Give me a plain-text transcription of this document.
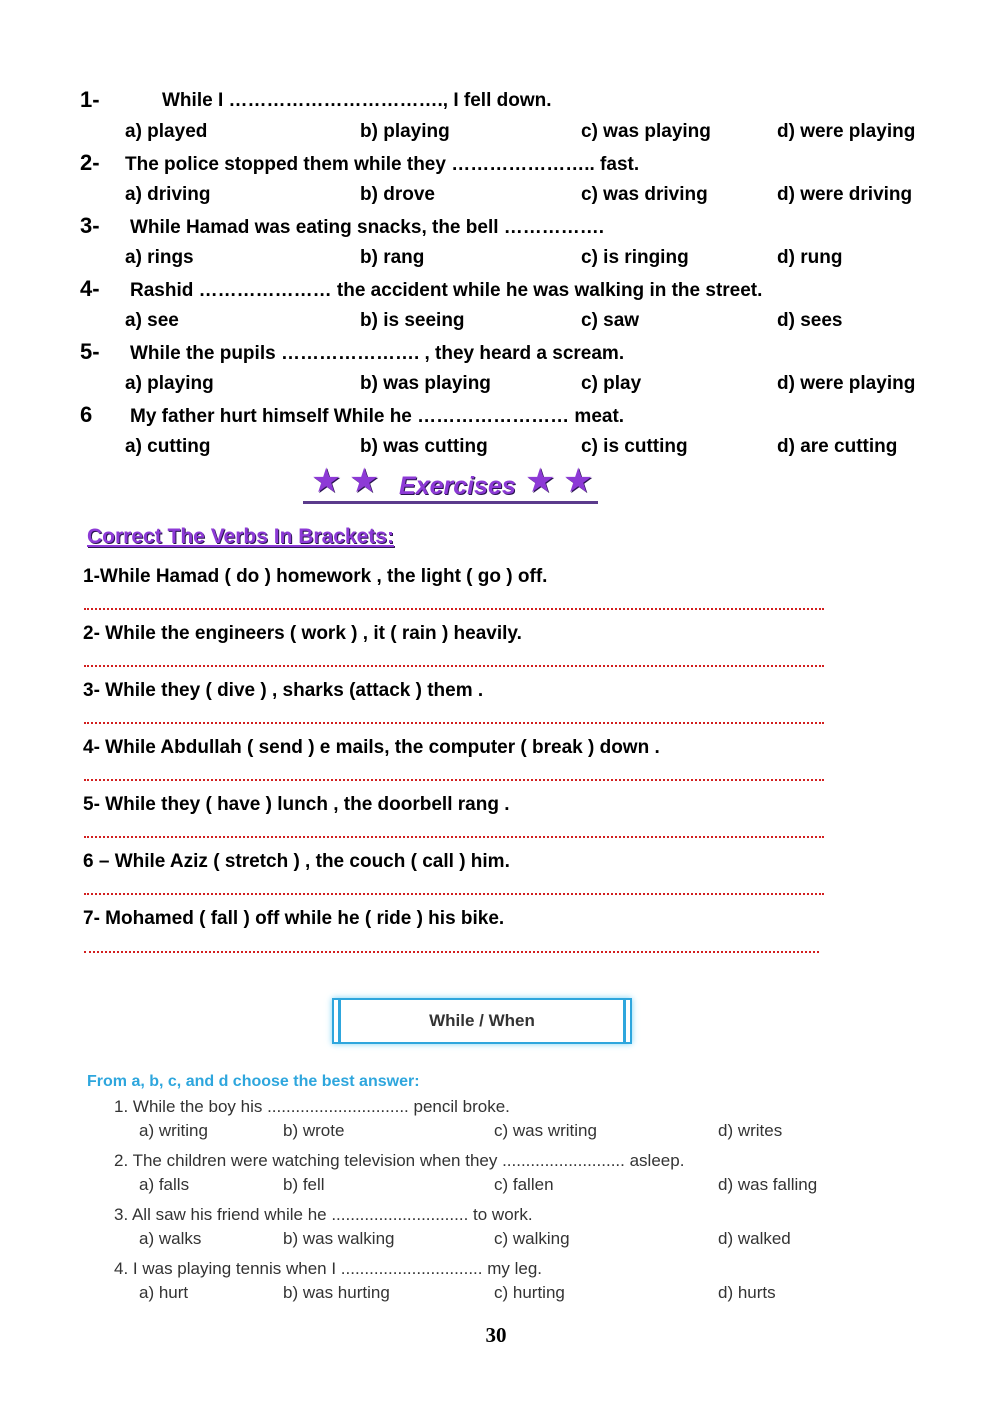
1-	While I ……………………………., I fell down.
a) played	b) playing	c) was playing	d) were playing
2- The police stopped them while they ………………….. fast.
a) driving	b) drove	c) was driving	d) were driving
3- While Hamad was eating snacks, the bell …………….
a) rings	b) rang	c) is ringing	d) rung
4- Rashid ………………… the accident while he was walking in the street.
a) see	b) is seeing	c) saw	d) sees
5- While the pupils …………………. , they heard a scream.
a) playing	b) was playing	c) play	d) were playing
6 My father hurt himself While he …………………… meat.
a) cutting	b) was cutting	c) is cutting	d) are cutting
★ ★ Exercises ★ ★
Correct The Verbs In Brackets:
1-While Hamad ( do ) homework , the light ( go ) off.
2- While the engineers ( work ) , it ( rain ) heavily.
3- While they ( dive ) , sharks (attack ) them .
4- While Abdullah ( send ) e mails, the computer ( break ) down .
5- While they ( have ) lunch , the doorbell rang .
6 – While Aziz ( stretch ) , the couch ( call ) him.
7- Mohamed ( fall ) off while he ( ride ) his bike.
While / When
From a, b, c, and d choose the best answer:
1. While the boy his .............................. pencil broke.
a) writing	b) wrote	c) was writing	d) writes
2. The children were watching television when they .......................... asleep.
a) falls	b) fell	c) fallen	d) was falling
3. All saw his friend while he ............................. to work.
a) walks	b) was walking	c) walking	d) walked
4. I was playing tennis when I .............................. my leg.
a) hurt	b) was hurting	c) hurting	d) hurts
30
